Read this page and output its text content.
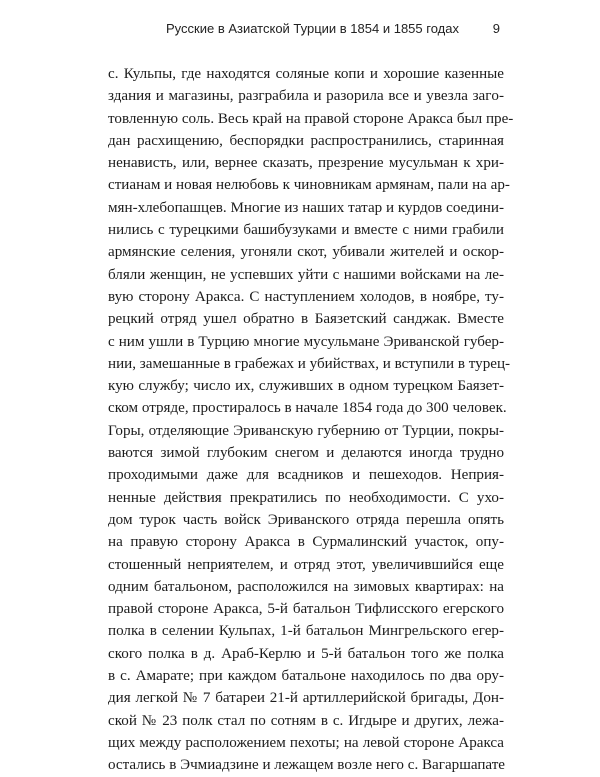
Русские в Азиатской Турции в 1854 и 1855 годах	9
с. Кульпы, где находятся соляные копи и хорошие казенные
здания и магазины, разграбила и разорила все и увезла загo-
товленную соль. Весь край на правой стороне Аракса был пре-
дан расхищению, беспорядки распространились, старинная
ненависть, или, вернее сказать, презрение мусульман к хри-
стианам и новая нелюбовь к чиновникам армянам, пали на ар-
мян-хлебопашцев. Многие из наших татар и курдов соедини-
нились с турецкими башибузуками и вместе с ними грабили
армянские селения, угоняли скот, убивали жителей и оскор-
бляли женщин, не успевших уйти с нашими войсками на ле-
вую сторону Аракса. С наступлением холодов, в ноябре, ту-
рецкий отряд ушел обратно в Баязетский санджак. Вместе
с ним ушли в Турцию многие мусульмане Эриванской губер-
нии, замешанные в грабежах и убийствах, и вступили в турец-
кую службу; число их, служивших в одном турецком Баязет-
ском отряде, простиралось в начале 1854 года до 300 человек.
Горы, отделяющие Эриванскую губернию от Турции, покры-
ваются зимой глубоким снегом и делаются иногда трудно
проходимыми даже для всадников и пешеходов. Неприя-
ненные действия прекратились по необходимости. С ухо-
дом турок часть войск Эриванского отряда перешла опять
на правую сторону Аракса в Сурмалинский участок, опу-
стошенный неприятелем, и отряд этот, увеличившийся еще
одним батальоном, расположился на зимовых квартирах: на
правой стороне Аракса, 5-й батальон Тифлисского егерского
полка в селении Кульпах, 1-й батальон Мингрельского егер-
ского полка в д. Араб-Керлю и 5-й батальон того же полка
в с. Амарате; при каждом батальоне находилось по два ору-
дия легкой № 7 батареи 21-й артиллерийской бригады, Дон-
ской № 23 полк стал по сотням в с. Игдыре и других, лежа-
щих между расположением пехоты; на левой стороне Аракса
остались в Эчмиадзине и лежащем возле него с. Вагаршапате
